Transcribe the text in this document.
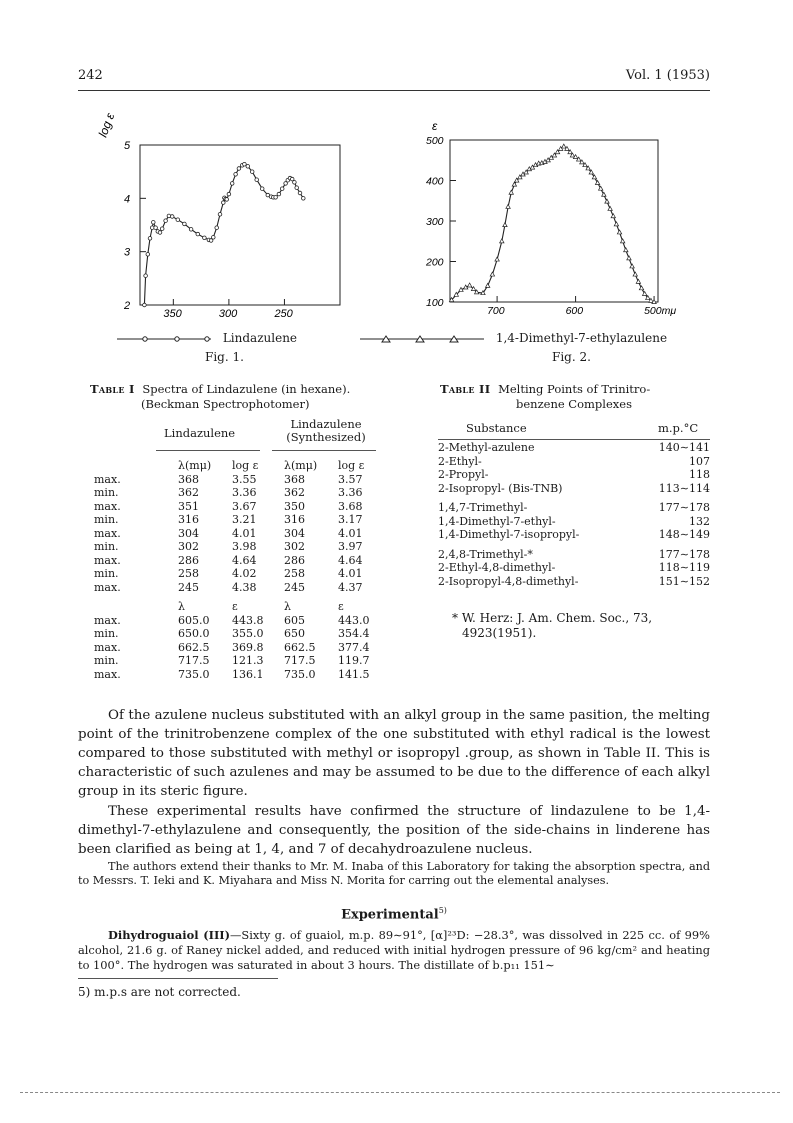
242	Vol. 1 (1953)
log ε
5
4
3
2
350	300	250
Lindazulene
Fig. 1.
ε
500
400
300
200
100
700	600	500mμ
1,4-Dimethyl-7-ethylazulene
Fig. 2.
Table I Spectra of Lindazulene (in hexane).
(Beckman Spectrophotomer)
Lindazulene
Lindazulene
(Synthesized)
	λ(mμ)	log ε	λ(mμ)	log ε
max.	368	3.55	368	3.57
min.	362	3.36	362	3.36
max.	351	3.67	350	3.68
min.	316	3.21	316	3.17
max.	304	4.01	304	4.01
min.	302	3.98	302	3.97
max.	286	4.64	286	4.64
min.	258	4.02	258	4.01
max.	245	4.38	245	4.37

	λ	ε	λ	ε
max.	605.0	443.8	605	443.0
min.	650.0	355.0	650	354.4
max.	662.5	369.8	662.5	377.4
min.	717.5	121.3	717.5	119.7
max.	735.0	136.1	735.0	141.5
Table II Melting Points of Trinitro-
benzene Complexes
Substance	m.p.°C
2-Methyl-azulene	140∼141
2-Ethyl-	107
2-Propyl-	118
2-Isopropyl- (Bis-TNB)	113∼114

1,4,7-Trimethyl-	177∼178
1,4-Dimethyl-7-ethyl-	132
1,4-Dimethyl-7-isopropyl-	148∼149

2,4,8-Trimethyl-*	177∼178
2-Ethyl-4,8-dimethyl-	118∼119
2-Isopropyl-4,8-dimethyl-	151∼152
* W. Herz: J. Am. Chem. Soc., 73,
4923(1951).
Of the azulene nucleus substituted with an alkyl group in the same pasition, the melting point of the trinitrobenzene complex of the one substituted with ethyl radical is the lowest compared to those substituted with methyl or isopropyl .group, as shown in Table II. This is characteristic of such azulenes and may be assumed to be due to the difference of each alkyl group in its steric figure.
These experimental results have confirmed the structure of lindazulene to be 1,4-dimethyl-7-ethylazulene and consequently, the position of the side-chains in linderene has been clarified as being at 1, 4, and 7 of decahydroazulene nucleus.
The authors extend their thanks to Mr. M. Inaba of this Laboratory for taking the absorption spectra, and to Messrs. T. Ieki and K. Miyahara and Miss N. Morita for carring out the elemental analyses.
Experimental$^{5)}$
Dihydroguaiol (III)—Sixty g. of guaiol, m.p. 89∼91°, [α]²³D: −28.3°, was dissolved in 225 cc. of 99% alcohol, 21.6 g. of Raney nickel added, and reduced with initial hydrogen pressure of 96 kg/cm² and heating to 100°. The hydrogen was saturated in about 3 hours. The distillate of b.p₁₁ 151∼
5) m.p.s are not corrected.
